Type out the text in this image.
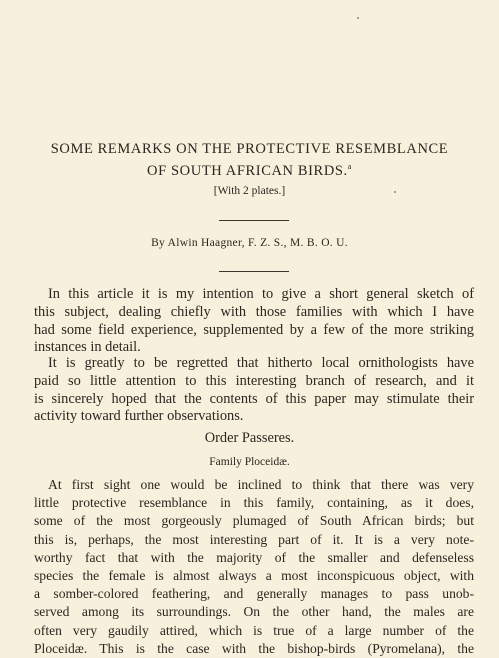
SOME REMARKS ON THE PROTECTIVE RESEMBLANCE
OF SOUTH AFRICAN BIRDS.$^a$
[With 2 plates.]
By Alwin Haagner, F. Z. S., M. B. O. U.

In this article it is my intention to give a short general sketch of
this subject, dealing chiefly with those families with which I have
had some field experience, supplemented by a few of the more striking
instances in detail.

It is greatly to be regretted that hitherto local ornithologists have
paid so little attention to this interesting branch of research, and it
is sincerely hoped that the contents of this paper may stimulate their
activity toward further observations.

Order Passeres.
Family Ploceidæ.

At first sight one would be inclined to think that there was very
little protective resemblance in this family, containing, as it does,
some of the most gorgeously plumaged of South African birds; but
this is, perhaps, the most interesting part of it. It is a very note-
worthy fact that with the majority of the smaller and defenseless
species the female is almost always a most inconspicuous object, with
a somber-colored feathering, and generally manages to pass unob-
served among its surroundings. On the other hand, the males are
often very gaudily attired, which is true of a large number of the
Ploceidæ. This is the case with the bishop-birds (Pyromelana), the
